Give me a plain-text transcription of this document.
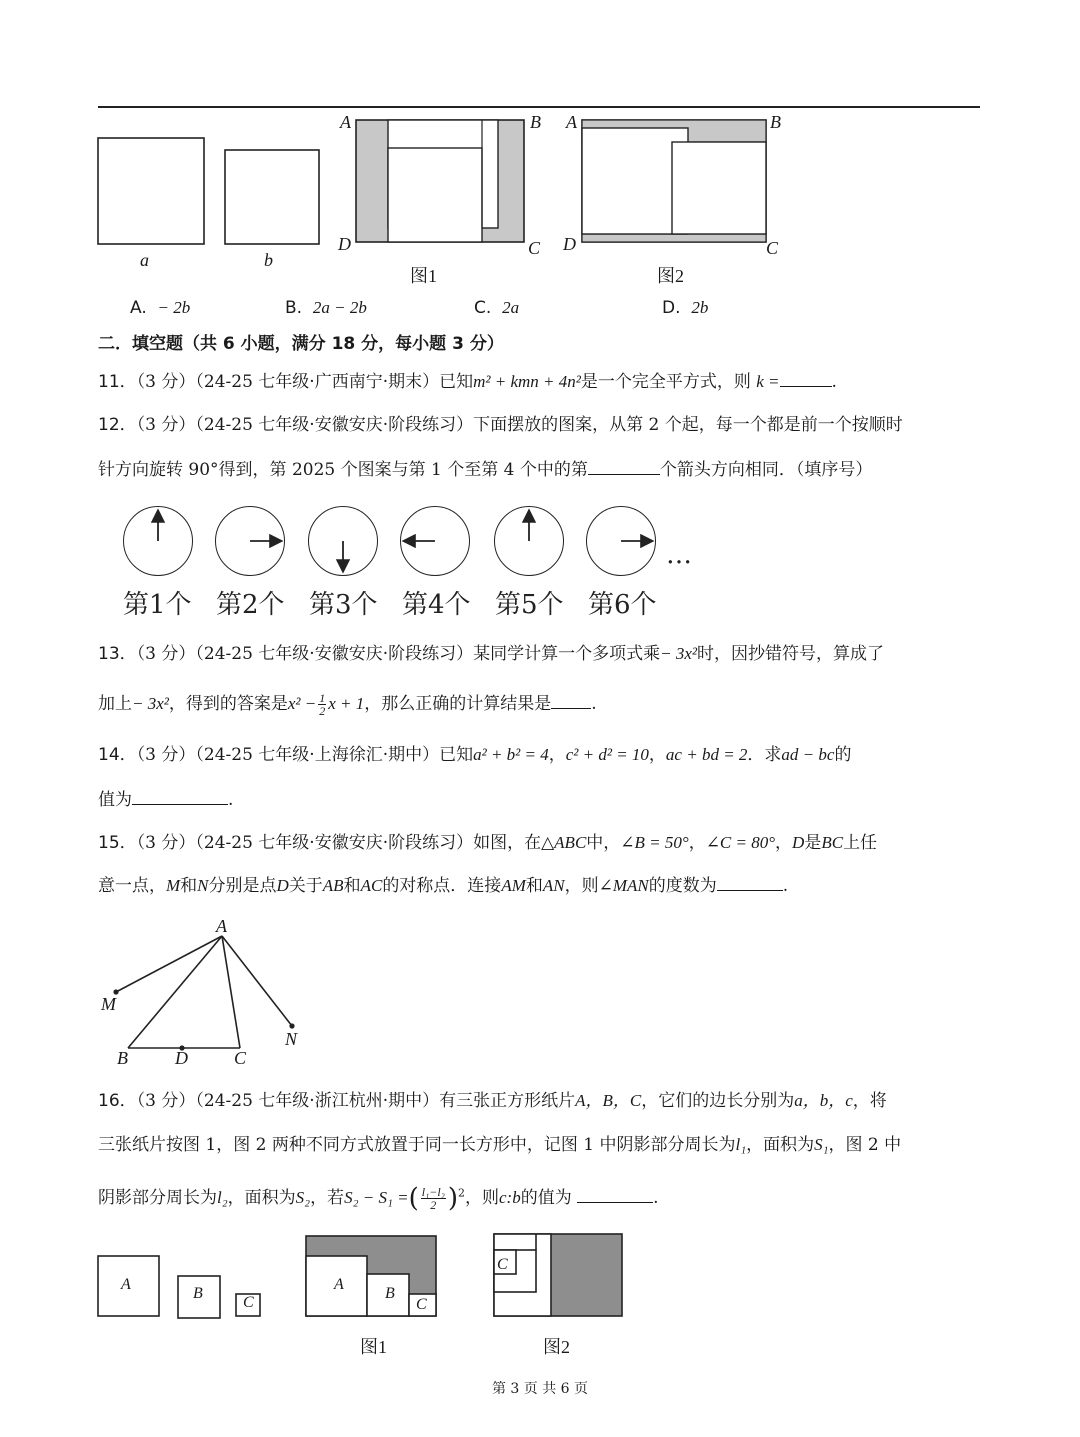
a	b
A	B
D	C
图1
A	B
D	C
图2
A. − 2b	B. 2a − 2b	C. 2a	D. 2b
二．填空题（共 6 小题，满分 18 分，每小题 3 分）
11．（3 分）（24-25 七年级·广西南宁·期末）已知m² + kmn + 4n²是一个完全平方式，则 k =	.
12．（3 分）（24-25 七年级·安徽安庆·阶段练习）下面摆放的图案，从第 2 个起，每一个都是前一个按顺时
针方向旋转 90°得到，第 2025 个图案与第 1 个至第 4 个中的第	个箭头方向相同．（填序号）
第1个 第2个 第3个 第4个 第5个 第6个
…
13．（3 分）（24-25 七年级·安徽安庆·阶段练习）某同学计算一个多项式乘− 3x²时，因抄错符号，算成了
加上− 3x²，得到的答案是$x^2 - \frac{1}{2}$ x + 1，那么正确的计算结果是 .
14．（3 分）（24-25 七年级·上海徐汇·期中）已知a² + b² = 4，c² + d² = 10，ac + bd = 2．求ad − bc的
值为	.
15．（3 分）（24-25 七年级·安徽安庆·阶段练习）如图，在△ABC中，∠B = 50°，∠C = 80°，D是BC上任
意一点，M和N分别是点D关于AB和AC的对称点．连接AM和AN，则∠MAN的度数为	.
A
M
N
B	D	C
16．（3 分）（24-25 七年级·浙江杭州·期中）有三张正方形纸片A，B，C，它们的边长分别为a，b，c，将
三张纸片按图 1，图 2 两种不同方式放置于同一长方形中，记图 1 中阴影部分周长为l₁，面积为S₁，图 2 中
阴影部分周长为l₂，面积为S₂，若S₂ − S₁ =( $\frac{\text{l₁−l₂}}{2} )^2$，则c:b的值为	.
A
B
C
A
B
C
C
图1	图2
第 3 页 共 6 页
